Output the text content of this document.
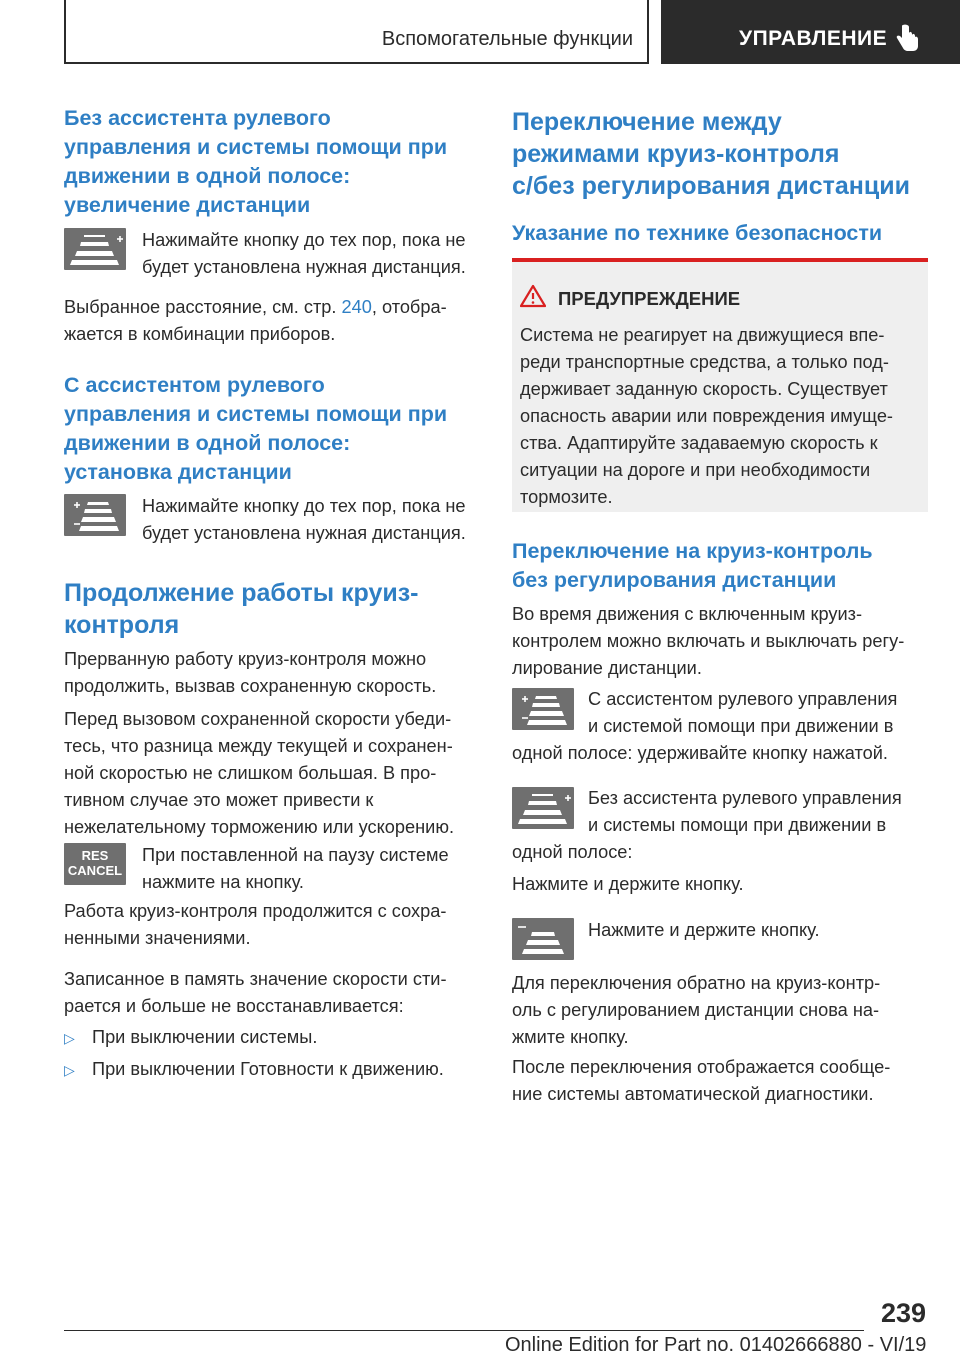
Вспомогательные функции	УПРАВЛЕНИЕ
Без ассистента рулевого
управления и системы помощи при
движении в одной полосе:
увеличение дистанции
Нажимайте кнопку до тех пор, пока не
будет установлена нужная дистанция.
Выбранное расстояние, см. стр. 240, отобра-
жается в комбинации приборов.
С ассистентом рулевого
управления и системы помощи при
движении в одной полосе:
установка дистанции
Нажимайте кнопку до тех пор, пока не
будет установлена нужная дистанция.
Продолжение работы круиз-
контроля
Прерванную работу круиз-контроля можно
продолжить, вызвав сохраненную скорость.
Перед вызовом сохраненной скорости убеди-
тесь, что разница между текущей и сохранен-
ной скоростью не слишком большая. В про-
тивном случае это может привести к
нежелательному торможению или ускорению.
RES
CANCEL
При поставленной на паузу системе
нажмите на кнопку.
Работа круиз-контроля продолжится с сохра-
ненными значениями.
Записанное в память значение скорости сти-
рается и больше не восстанавливается:
▷ При выключении системы.
▷ При выключении Готовности к движению.
Переключение между
режимами круиз-контроля
с/без регулирования дистанции
Указание по технике безопасности
ПРЕДУПРЕЖДЕНИЕ
Система не реагирует на движущиеся впе-
реди транспортные средства, а только под-
держивает заданную скорость. Существует
опасность аварии или повреждения имуще-
ства. Адаптируйте задаваемую скорость к
ситуации на дороге и при необходимости
тормозите.
Переключение на круиз-контроль
без регулирования дистанции
Во время движения с включенным круиз-
контролем можно включать и выключать регу-
лирование дистанции.
С ассистентом рулевого управления
и системой помощи при движении в
одной полосе: удерживайте кнопку нажатой.
Без ассистента рулевого управления
и системы помощи при движении в
одной полосе:
Нажмите и держите кнопку.
Нажмите и держите кнопку.
Для переключения обратно на круиз-контр-
оль с регулированием дистанции снова на-
жмите кнопку.
После переключения отображается сообще-
ние системы автоматической диагностики.
239
Online Edition for Part no. 01402666880 - VI/19
